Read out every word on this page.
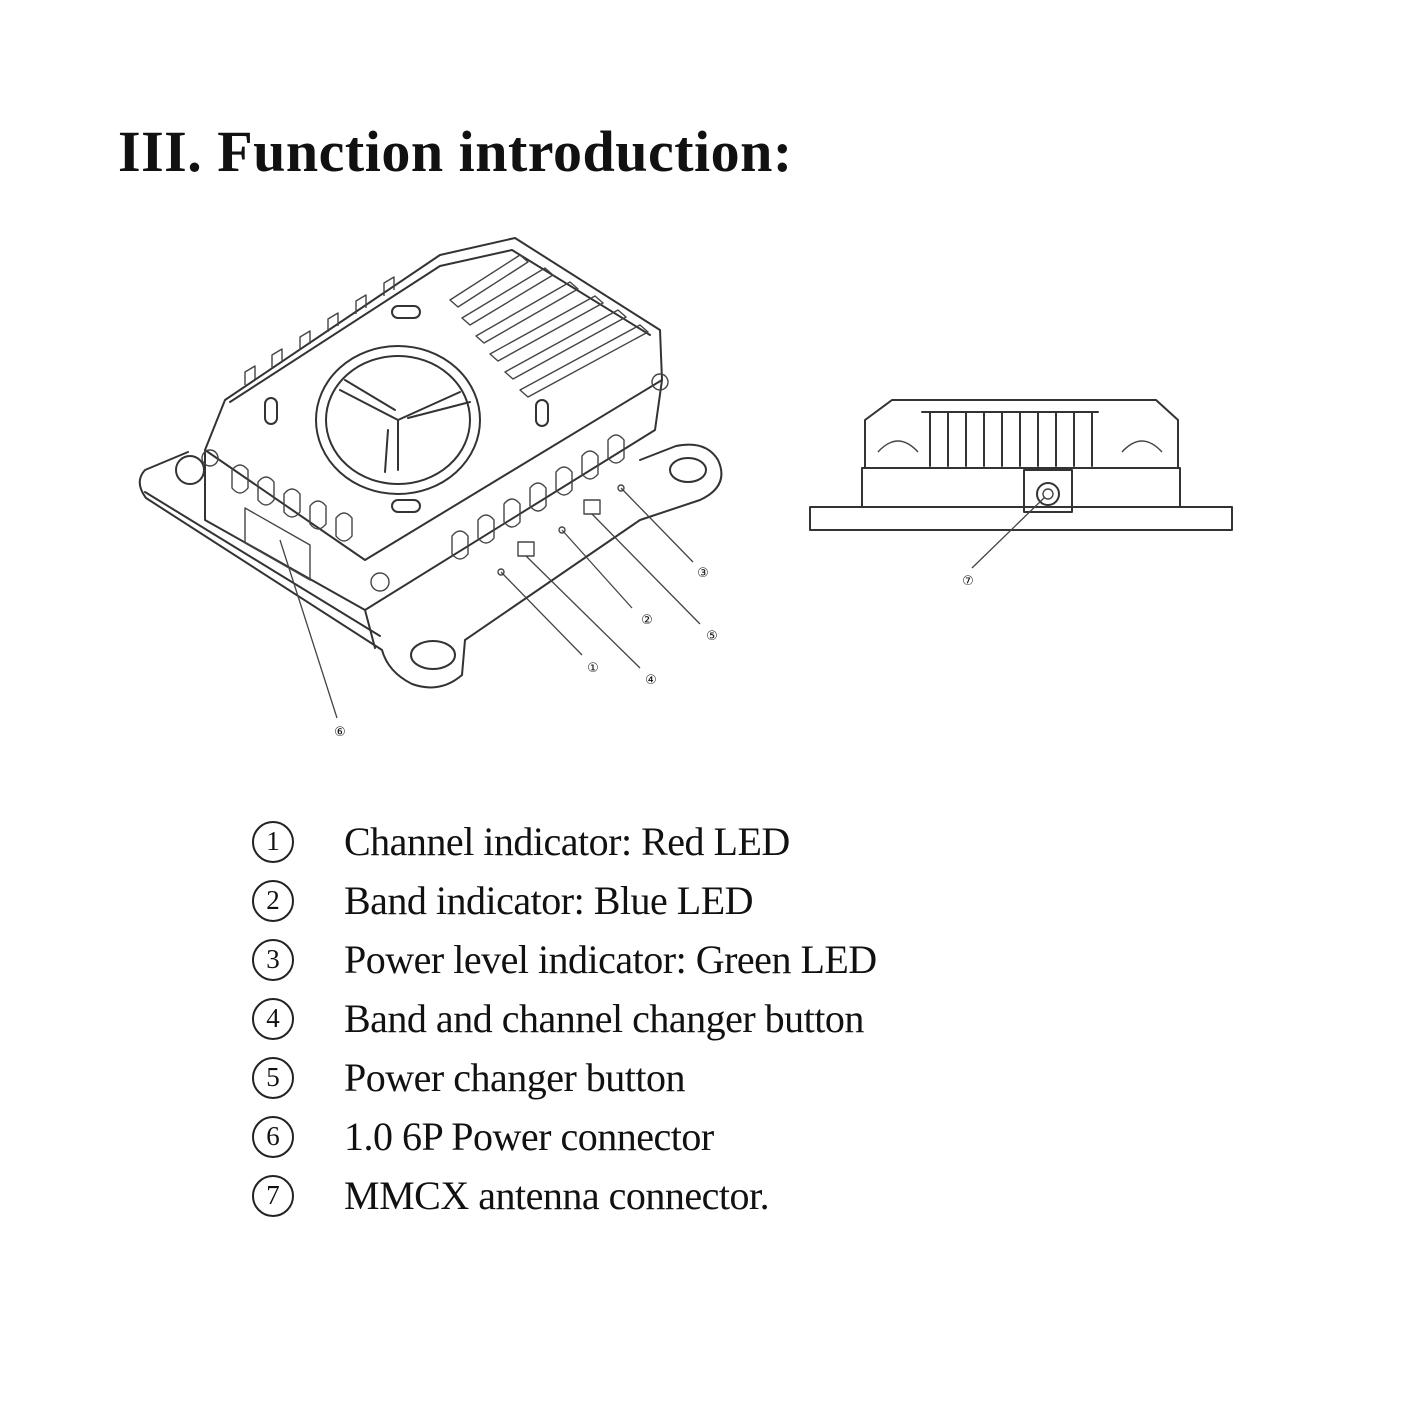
III. Function introduction:
①
②
③
④
⑤
⑥
⑦
1	Channel indicator: Red LED
2	Band indicator: Blue LED
3	Power level indicator: Green LED
4	Band and channel changer button
5	Power changer button
6	1.0 6P Power connector
7	MMCX antenna connector.
